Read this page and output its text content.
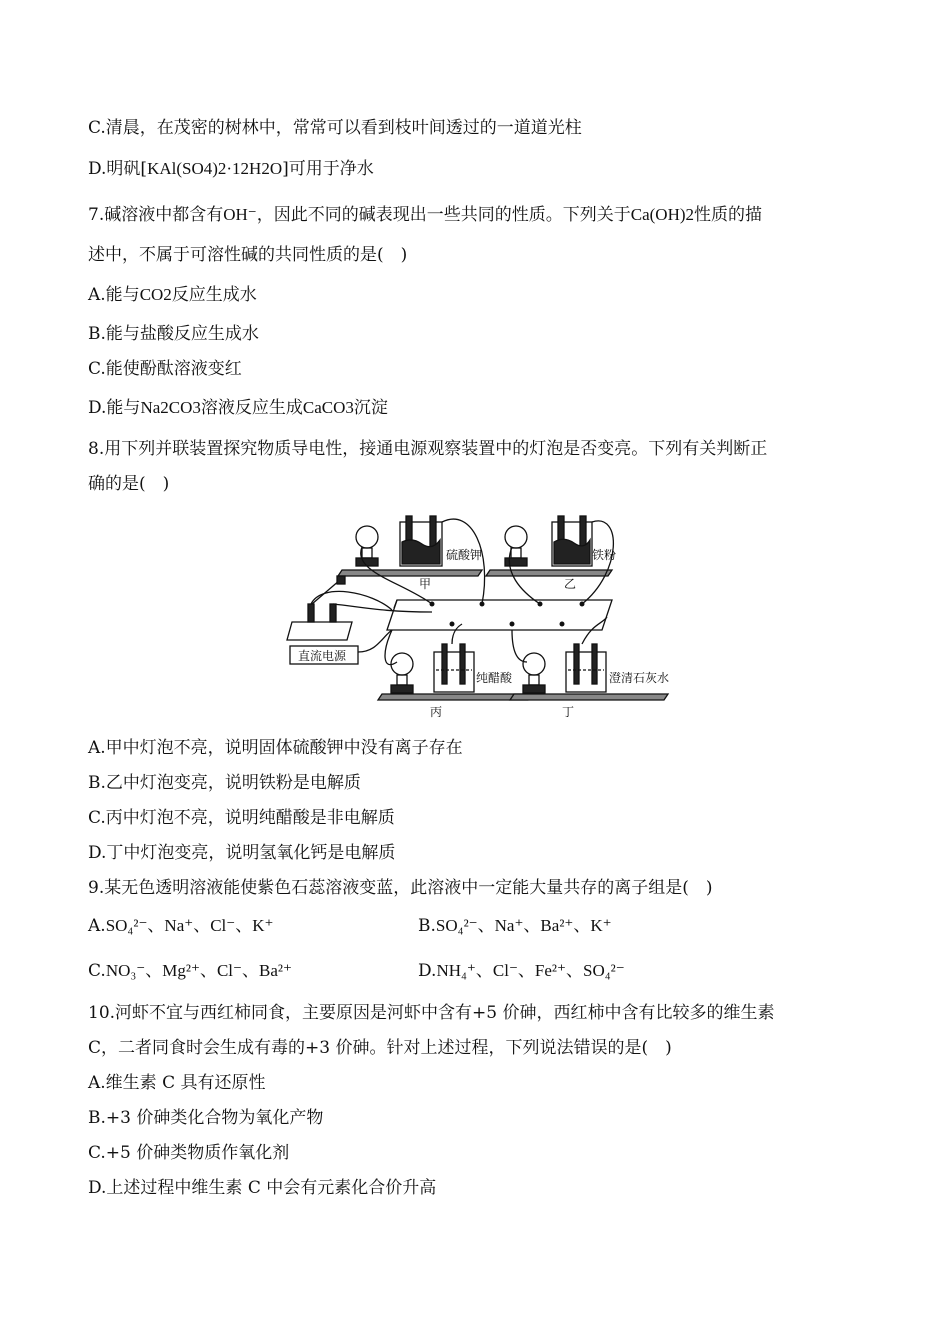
C.清晨，在茂密的树林中，常常可以看到枝叶间透过的一道道光柱
D.明矾[KAl(SO4)2·12H2O]可用于净水
7.碱溶液中都含有OH⁻，因此不同的碱表现出一些共同的性质。下列关于Ca(OH)2性质的描
述中，不属于可溶性碱的共同性质的是(　)
A.能与CO2反应生成水
B.能与盐酸反应生成水
C.能使酚酞溶液变红
D.能与Na2CO3溶液反应生成CaCO3沉淀
8.用下列并联装置探究物质导电性，接通电源观察装置中的灯泡是否变亮。下列有关判断正
确的是(　)
硫酸钾
甲
铁粉
乙
直流电源
纯醋酸
丙
澄清石灰水
丁
A.甲中灯泡不亮，说明固体硫酸钾中没有离子存在
B.乙中灯泡变亮，说明铁粉是电解质
C.丙中灯泡不亮，说明纯醋酸是非电解质
D.丁中灯泡变亮，说明氢氧化钙是电解质
9.某无色透明溶液能使紫色石蕊溶液变蓝，此溶液中一定能大量共存的离子组是(　)
A.SO₄²⁻、Na⁺、Cl⁻、K⁺	B.SO₄²⁻、Na⁺、Ba²⁺、K⁺
C.NO₃⁻、Mg²⁺、Cl⁻、Ba²⁺	D.NH₄⁺、Cl⁻、Fe²⁺、SO₄²⁻
10.河虾不宜与西红柿同食，主要原因是河虾中含有+5 价砷，西红柿中含有比较多的维生素
C，二者同食时会生成有毒的+3 价砷。针对上述过程，下列说法错误的是(　)
A.维生素 C 具有还原性
B.+3 价砷类化合物为氧化产物
C.+5 价砷类物质作氧化剂
D.上述过程中维生素 C 中会有元素化合价升高
